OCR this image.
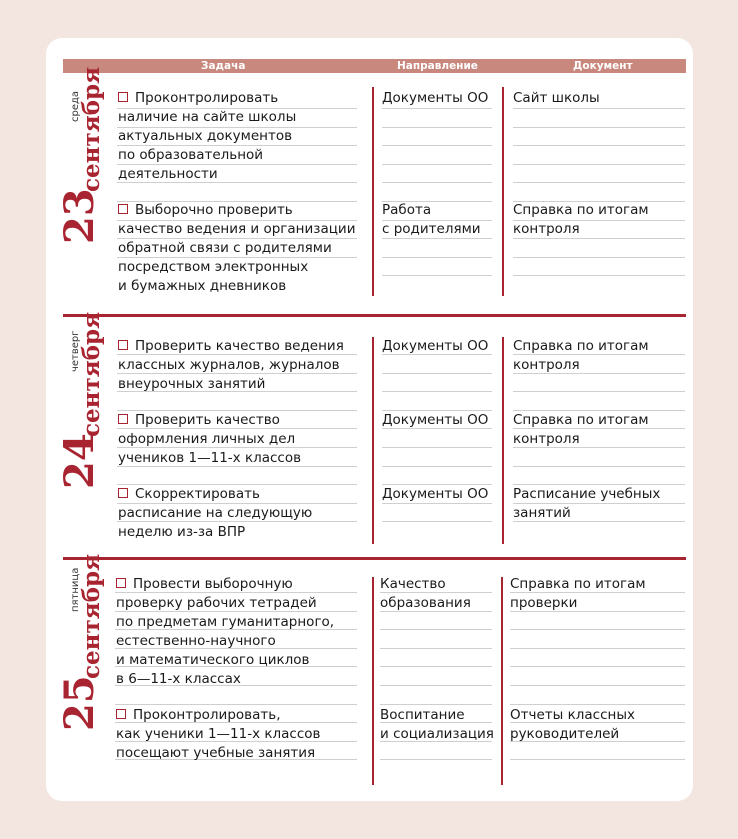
Задача	Направление	Документ
среда
сентября
23
Проконтролировать
наличие на сайте школы
актуальных документов
по образовательной
деятельности
Документы ОО Сайт школы
Выборочно проверить
качество ведения и организации
обратной связи с родителями
посредством электронных
и бумажных дневников
Работа
с родителями
Справка по итогам
контроля
четверг
сентября
24
Проверить качество ведения
классных журналов, журналов
внеурочных занятий
Документы ОО Справка по итогам
контроля
Проверить качество
оформления личных дел
учеников 1—11-х классов
Документы ОО Справка по итогам
контроля
Скорректировать
расписание на следующую
неделю из-за ВПР
Документы ОО Расписание учебных
занятий
пятница
сентября
25
Провести выборочную
проверку рабочих тетрадей
по предметам гуманитарного,
естественно-научного
и математического циклов
в 6—11-х классах
Качество
образования
Справка по итогам
проверки
Проконтролировать,
как ученики 1—11-х классов
посещают учебные занятия
Воспитание
и социализация
Отчеты классных
руководителей
